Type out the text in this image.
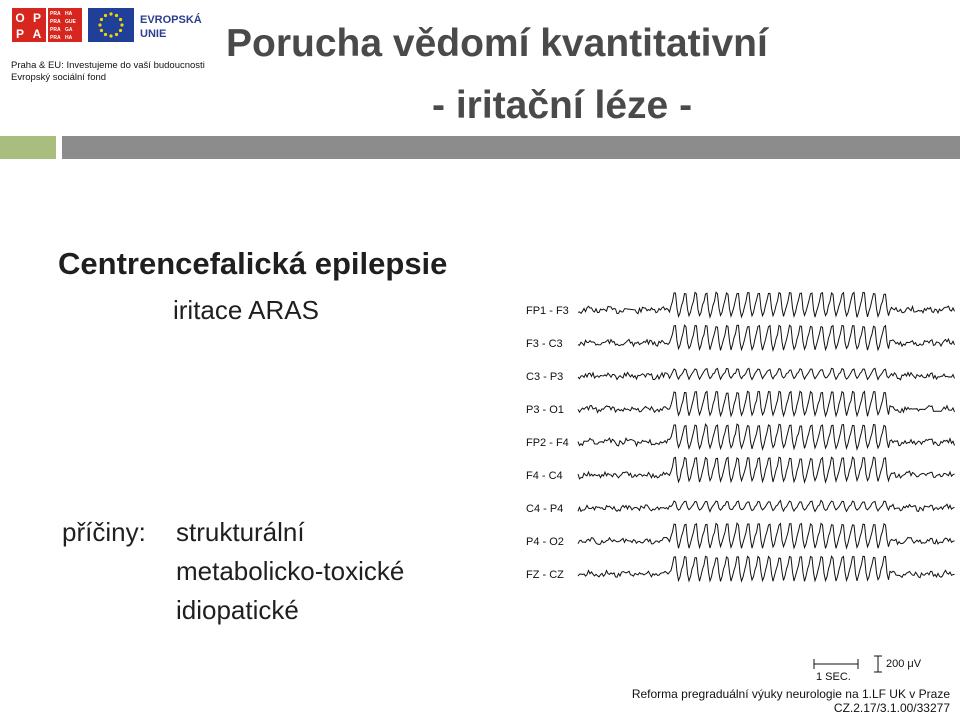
O P
P A
PRA HA
PRA GUE
PRA GA
PRA HA
EVROPSKÁ
UNIE
Praha & EU: Investujeme do vaší budoucnosti
Evropský sociální fond
Porucha vědomí kvantitativní
- iritační léze -
Centrencefalická epilepsie
iritace ARAS
příčiny: strukturální
metabolicko-toxické
idiopatické
FP1 - F3
F3 - C3
C3 - P3
P3 - O1
FP2 - F4
F4 - C4
C4 - P4
P4 - O2
FZ - CZ
1 SEC.
200 μV
Reforma pregraduální výuky neurologie na 1.LF UK v Praze
CZ.2.17/3.1.00/33277
